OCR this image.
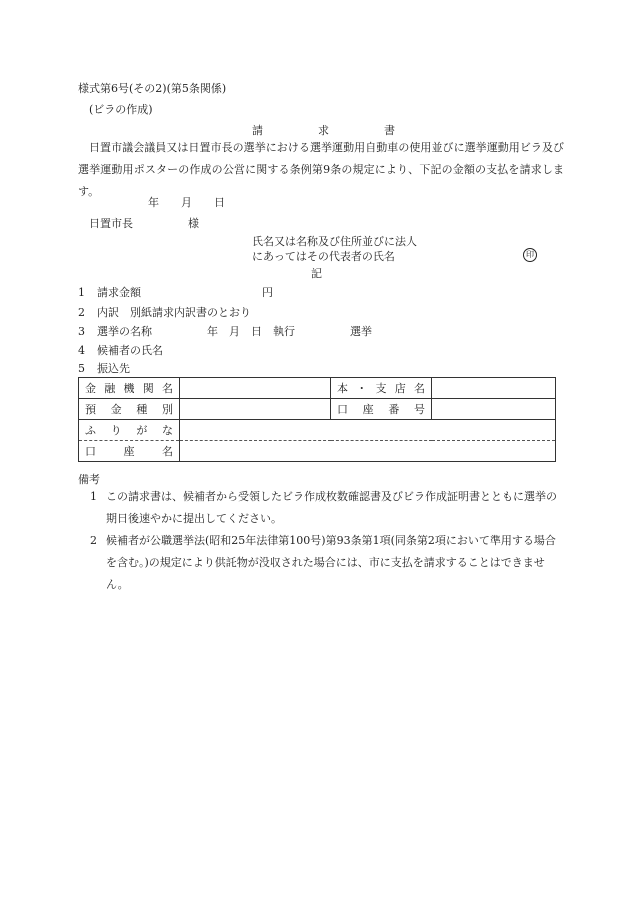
様式第6号(その2)(第5条関係)
(ビラの作成)
請　　　　　求　　　　　書
日置市議会議員又は日置市長の選挙における選挙運動用自動車の使用並びに選挙運動用ビラ及び選挙運動用ポスターの作成の公営に関する条例第9条の規定により、下記の金額の支払を請求します。
年　　月　　日
日置市長　　　　　様
氏名又は名称及び住所並びに法人
にあってはその代表者の氏名	印
記
1 請求金額　　　　　　　　　　　円
2 内訳　別紙請求内訳書のとおり
3 選挙の名称　　　　　年　月　日　執行　　　　　選挙
4 候補者の氏名
5 振込先
金融機関名		本・支店名	
預金種別		口座番号	
ふりがな			
口座名			
備考
1 この請求書は、候補者から受領したビラ作成枚数確認書及びビラ作成証明書とともに選挙の期日後速やかに提出してください。
2 候補者が公職選挙法(昭和25年法律第100号)第93条第1項(同条第2項において準用する場合を含む。)の規定により供託物が没収された場合には、市に支払を請求することはできません。
